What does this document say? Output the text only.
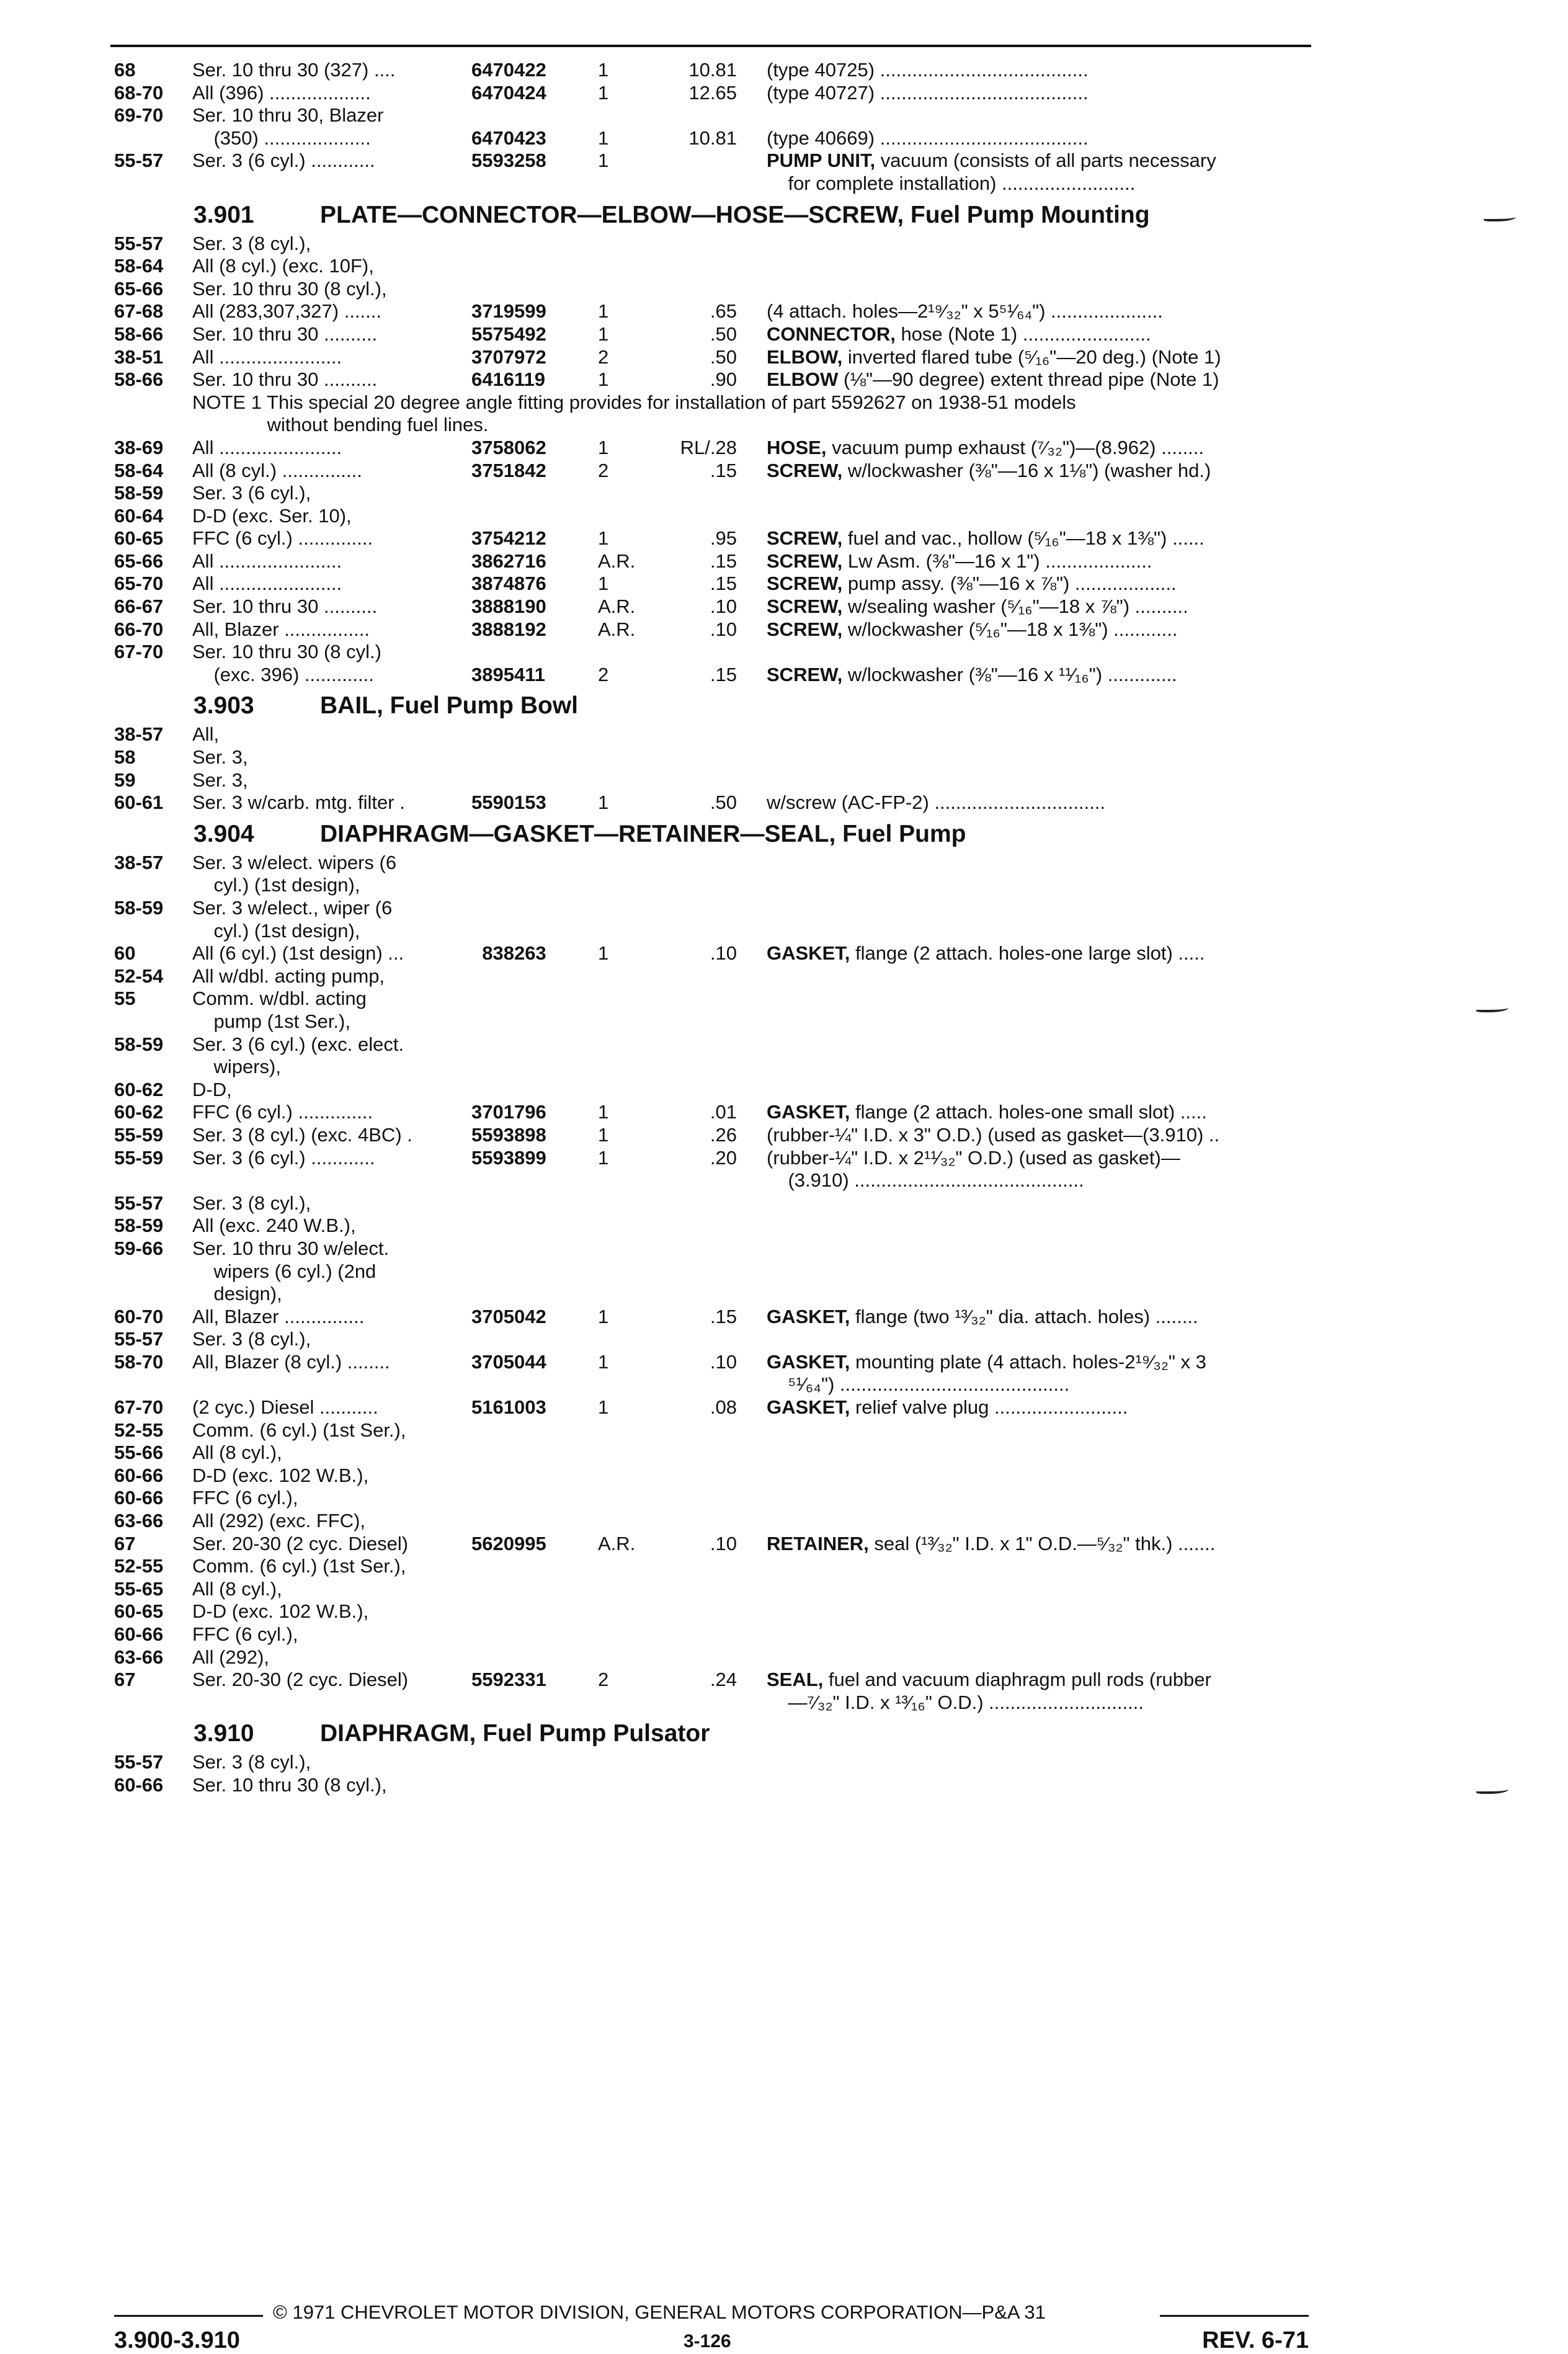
68	Ser. 10 thru 30 (327) ....	6470422	1	10.81 (type 40725) .......................................
68-70 All (396) ...................	6470424	1	12.65 (type 40727) .......................................
69-70 Ser. 10 thru 30, Blazer
(350) ....................	6470423	1	10.81 (type 40669) .......................................
55-57 Ser. 3 (6 cyl.) ............	5593258	1	PUMP UNIT, vacuum (consists of all parts necessary
for complete installation) .........................
3.901	PLATE—CONNECTOR—ELBOW—HOSE—SCREW, Fuel Pump Mounting
55-57 Ser. 3 (8 cyl.),
58-64 All (8 cyl.) (exc. 10F),
65-66 Ser. 10 thru 30 (8 cyl.),
67-68 All (283,307,327) .......	3719599	1	.65 (4 attach. holes—2¹⁹⁄₃₂" x 5⁵¹⁄₆₄") .....................
58-66 Ser. 10 thru 30 ..........	5575492	1	.50 CONNECTOR, hose (Note 1) ........................
38-51 All .......................	3707972	2	.50 ELBOW, inverted flared tube (⁵⁄₁₆"—20 deg.) (Note 1)
58-66 Ser. 10 thru 30 ..........	6416119	1	.90 ELBOW (⅛"—90 degree) extent thread pipe (Note 1)
NOTE 1 This special 20 degree angle fitting provides for installation of part 5592627 on 1938-51 models
without bending fuel lines.
38-69 All .......................	3758062	1	RL/.28 HOSE, vacuum pump exhaust (⁷⁄₃₂")—(8.962) ........
58-64 All (8 cyl.) ...............	3751842	2	.15 SCREW, w/lockwasher (⅜"—16 x 1⅛") (washer hd.)
58-59 Ser. 3 (6 cyl.),
60-64 D-D (exc. Ser. 10),
60-65 FFC (6 cyl.) ..............	3754212	1	.95 SCREW, fuel and vac., hollow (⁵⁄₁₆"—18 x 1⅜") ......
65-66 All .......................	3862716	A.R.	.15 SCREW, Lw Asm. (⅜"—16 x 1") ....................
65-70 All .......................	3874876	1	.15 SCREW, pump assy. (⅜"—16 x ⅞") ...................
66-67 Ser. 10 thru 30 ..........	3888190	A.R.	.10 SCREW, w/sealing washer (⁵⁄₁₆"—18 x ⅞") ..........
66-70 All, Blazer ................	3888192	A.R.	.10 SCREW, w/lockwasher (⁵⁄₁₆"—18 x 1⅜") ............
67-70 Ser. 10 thru 30 (8 cyl.)
(exc. 396) .............	3895411	2	.15 SCREW, w/lockwasher (⅜"—16 x ¹¹⁄₁₆") .............
3.903	BAIL, Fuel Pump Bowl
38-57 All,
58	Ser. 3,
59	Ser. 3,
60-61 Ser. 3 w/carb. mtg. filter .	5590153	1	.50 w/screw (AC-FP-2) ................................
3.904	DIAPHRAGM—GASKET—RETAINER—SEAL, Fuel Pump
38-57 Ser. 3 w/elect. wipers (6
cyl.) (1st design),
58-59 Ser. 3 w/elect., wiper (6
cyl.) (1st design),
60	All (6 cyl.) (1st design) ...	838263	1	.10 GASKET, flange (2 attach. holes-one large slot) .....
52-54 All w/dbl. acting pump,
55	Comm. w/dbl. acting
pump (1st Ser.),
58-59 Ser. 3 (6 cyl.) (exc. elect.
wipers),
60-62 D-D,
60-62 FFC (6 cyl.) ..............	3701796	1	.01 GASKET, flange (2 attach. holes-one small slot) .....
55-59 Ser. 3 (8 cyl.) (exc. 4BC) .	5593898	1	.26 (rubber-¼" I.D. x 3" O.D.) (used as gasket—(3.910) ..
55-59 Ser. 3 (6 cyl.) ............	5593899	1	.20 (rubber-¼" I.D. x 2¹¹⁄₃₂" O.D.) (used as gasket)—
(3.910) ...........................................
55-57 Ser. 3 (8 cyl.),
58-59 All (exc. 240 W.B.),
59-66 Ser. 10 thru 30 w/elect.
wipers (6 cyl.) (2nd
design),
60-70 All, Blazer ...............	3705042	1	.15 GASKET, flange (two ¹³⁄₃₂" dia. attach. holes) ........
55-57 Ser. 3 (8 cyl.),
58-70 All, Blazer (8 cyl.) ........	3705044	1	.10 GASKET, mounting plate (4 attach. holes-2¹⁹⁄₃₂" x 3
⁵¹⁄₆₄") ...........................................
67-70 (2 cyc.) Diesel ...........	5161003	1	.08 GASKET, relief valve plug .........................
52-55 Comm. (6 cyl.) (1st Ser.),
55-66 All (8 cyl.),
60-66 D-D (exc. 102 W.B.),
60-66 FFC (6 cyl.),
63-66 All (292) (exc. FFC),
67	Ser. 20-30 (2 cyc. Diesel)	5620995	A.R.	.10 RETAINER, seal (¹³⁄₃₂" I.D. x 1" O.D.—⁵⁄₃₂" thk.) .......
52-55 Comm. (6 cyl.) (1st Ser.),
55-65 All (8 cyl.),
60-65 D-D (exc. 102 W.B.),
60-66 FFC (6 cyl.),
63-66 All (292),
67	Ser. 20-30 (2 cyc. Diesel)	5592331	2	.24 SEAL, fuel and vacuum diaphragm pull rods (rubber
—⁷⁄₃₂" I.D. x ¹³⁄₁₆" O.D.) .............................
3.910	DIAPHRAGM, Fuel Pump Pulsator
55-57 Ser. 3 (8 cyl.),
60-66 Ser. 10 thru 30 (8 cyl.),
© 1971 CHEVROLET MOTOR DIVISION, GENERAL MOTORS CORPORATION—P&A 31
3.900-3.910	3-126	REV. 6-71
